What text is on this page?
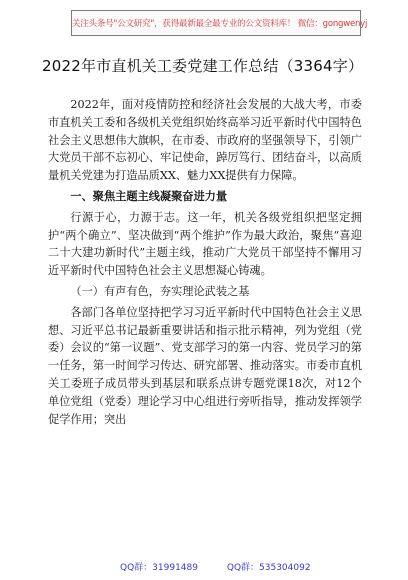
关注头条号"公文研究"，获得最新最全最专业的公文资料库！ 微信：gongwenyj
2022年市直机关工委党建工作总结（3364字）

2022年，面对疫情防控和经济社会发展的大战大考，市委市直机关工委和各级机关党组织始终高举习近平新时代中国特色社会主义思想伟大旗帜，在市委、市政府的坚强领导下，引领广大党员干部不忘初心、牢记使命，踔厉笃行、团结奋斗，以高质量机关党建为打造品质XX、魅力XX提供有力保障。

一、聚焦主题主线凝聚奋进力量

行源于心，力源于志。这一年，机关各级党组织把坚定拥护“两个确立”、坚决做到“两个维护”作为最大政治，聚焦“喜迎二十大建功新时代”主题主线，推动广大党员干部坚持不懈用习近平新时代中国特色社会主义思想凝心铸魂。

（一）有声有色，夯实理论武装之基

各部门各单位坚持把学习习近平新时代中国特色社会主义思想、习近平总书记最新重要讲话和指示批示精神，列为党组（党委）会议的“第一议题”、党支部学习的第一内容、党员学习的第一任务，第一时间学习传达、研究部署、推动落实。市委市直机关工委班子成员带头到基层和联系点讲专题党课18次，对12个单位党组（党委）理论学习中心组进行旁听指导，推动发挥领学促学作用；突出

QQ群：31991489	QQ群：535304092
